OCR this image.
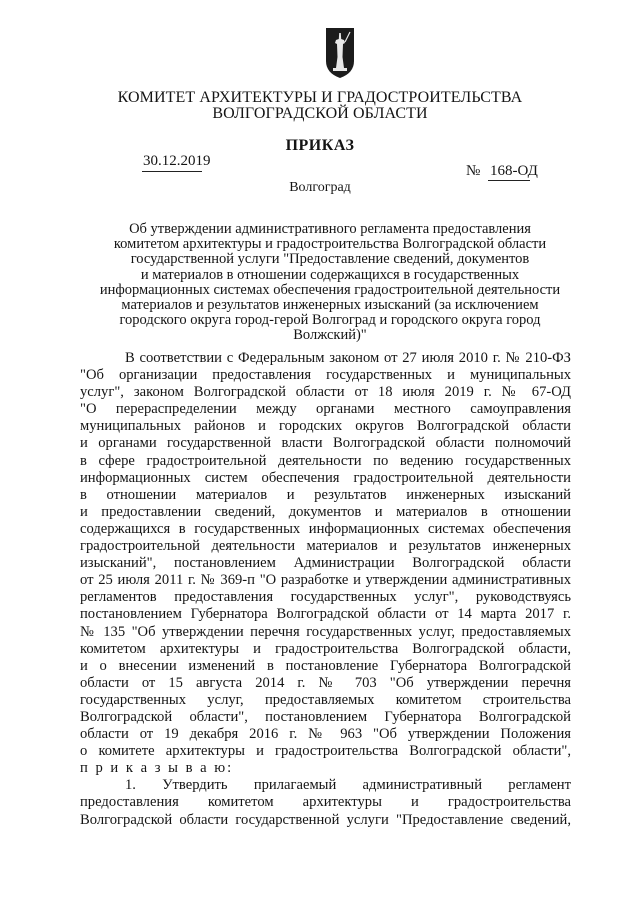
КОМИТЕТ АРХИТЕКТУРЫ И ГРАДОСТРОИТЕЛЬСТВА
ВОЛГОГРАДСКОЙ ОБЛАСТИ
ПРИКАЗ
30.12.2019
№ 168-ОД
Волгоград
Об утверждении административного регламента предоставления
комитетом архитектуры и градостроительства Волгоградской области
государственной услуги "Предоставление сведений, документов
и материалов в отношении содержащихся в государственных
информационных системах обеспечения градостроительной деятельности
материалов и результатов инженерных изысканий (за исключением
городского округа город-герой Волгоград и городского округа город
Волжский)"
В соответствии с Федеральным законом от 27 июля 2010 г. № 210-ФЗ
"Об организации предоставления государственных и муниципальных
услуг", законом Волгоградской области от 18 июля 2019 г. № 67-ОД
"О перераспределении между органами местного самоуправления
муниципальных районов и городских округов Волгоградской области
и органами государственной власти Волгоградской области полномочий
в сфере градостроительной деятельности по ведению государственных
информационных систем обеспечения градостроительной деятельности
в отношении материалов и результатов инженерных изысканий
и предоставлении сведений, документов и материалов в отношении
содержащихся в государственных информационных системах обеспечения
градостроительной деятельности материалов и результатов инженерных
изысканий", постановлением Администрации Волгоградской области
от 25 июля 2011 г. № 369-п "О разработке и утверждении административных
регламентов предоставления государственных услуг", руководствуясь
постановлением Губернатора Волгоградской области от 14 марта 2017 г.
№ 135 "Об утверждении перечня государственных услуг, предоставляемых
комитетом архитектуры и градостроительства Волгоградской области,
и о внесении изменений в постановление Губернатора Волгоградской
области от 15 августа 2014 г. № 703 "Об утверждении перечня
государственных услуг, предоставляемых комитетом строительства
Волгоградской области", постановлением Губернатора Волгоградской
области от 19 декабря 2016 г. № 963 "Об утверждении Положения
о комитете архитектуры и градостроительства Волгоградской области",
п р и к а з ы в а ю:
1. Утвердить прилагаемый административный регламент
предоставления комитетом архитектуры и градостроительства
Волгоградской области государственной услуги "Предоставление сведений,
